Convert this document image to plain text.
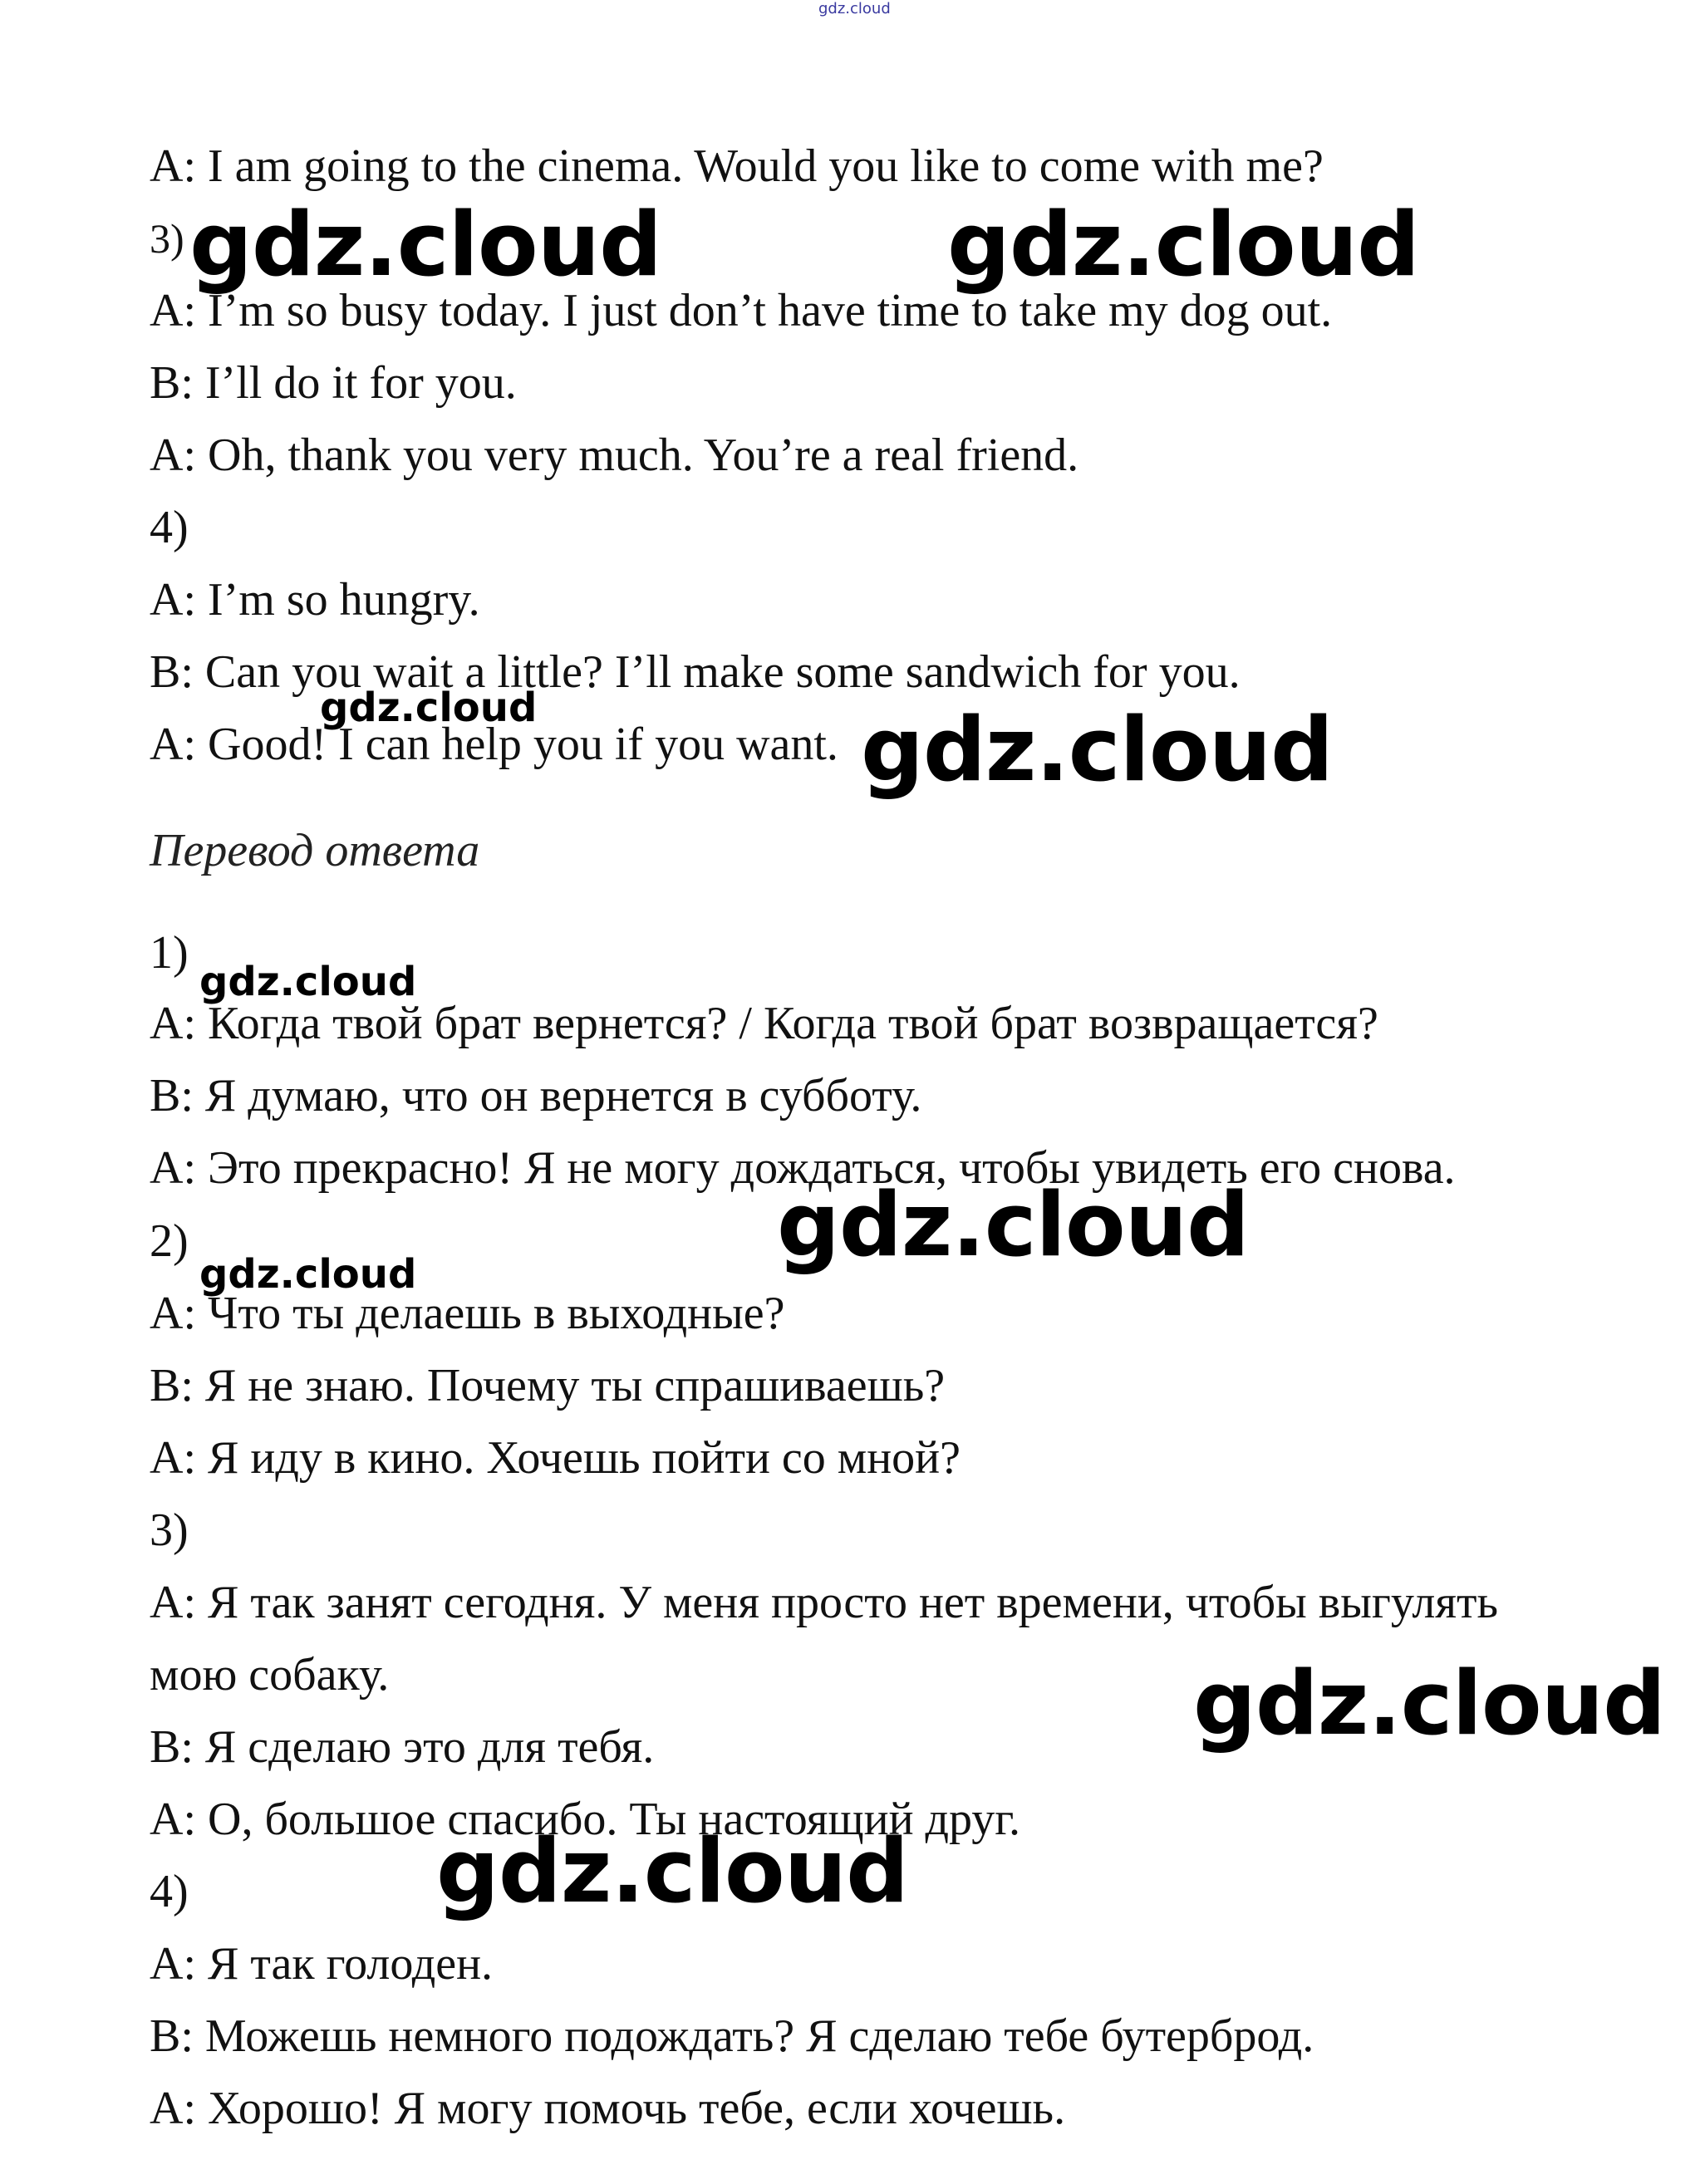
gdz.cloud
A: I am going to the cinema. Would you like to come with me?
3)
A: I’m so busy today. I just don’t have time to take my dog out.
B: I’ll do it for you.
A: Oh, thank you very much. You’re a real friend.
4)
A: I’m so hungry.
B: Can you wait a little? I’ll make some sandwich for you.
A: Good! I can help you if you want.
Перевод ответа
1)
A: Когда твой брат вернется? / Когда твой брат возвращается?
B: Я думаю, что он вернется в субботу.
A: Это прекрасно! Я не могу дождаться, чтобы увидеть его снова.
2)
A: Что ты делаешь в выходные?
B: Я не знаю. Почему ты спрашиваешь?
A: Я иду в кино. Хочешь пойти со мной?
3)
A: Я так занят сегодня. У меня просто нет времени, чтобы выгулять
мою собаку.
B: Я сделаю это для тебя.
A: О, большое спасибо. Ты настоящий друг.
4)
A: Я так голоден.
B: Можешь немного подождать? Я сделаю тебе бутерброд.
A: Хорошо! Я могу помочь тебе, если хочешь.
gdz.cloud	gdz.cloud
gdz.cloud
gdz.cloud
gdz.cloud
gdz.cloud
gdz.cloud
gdz.cloud
gdz.cloud
